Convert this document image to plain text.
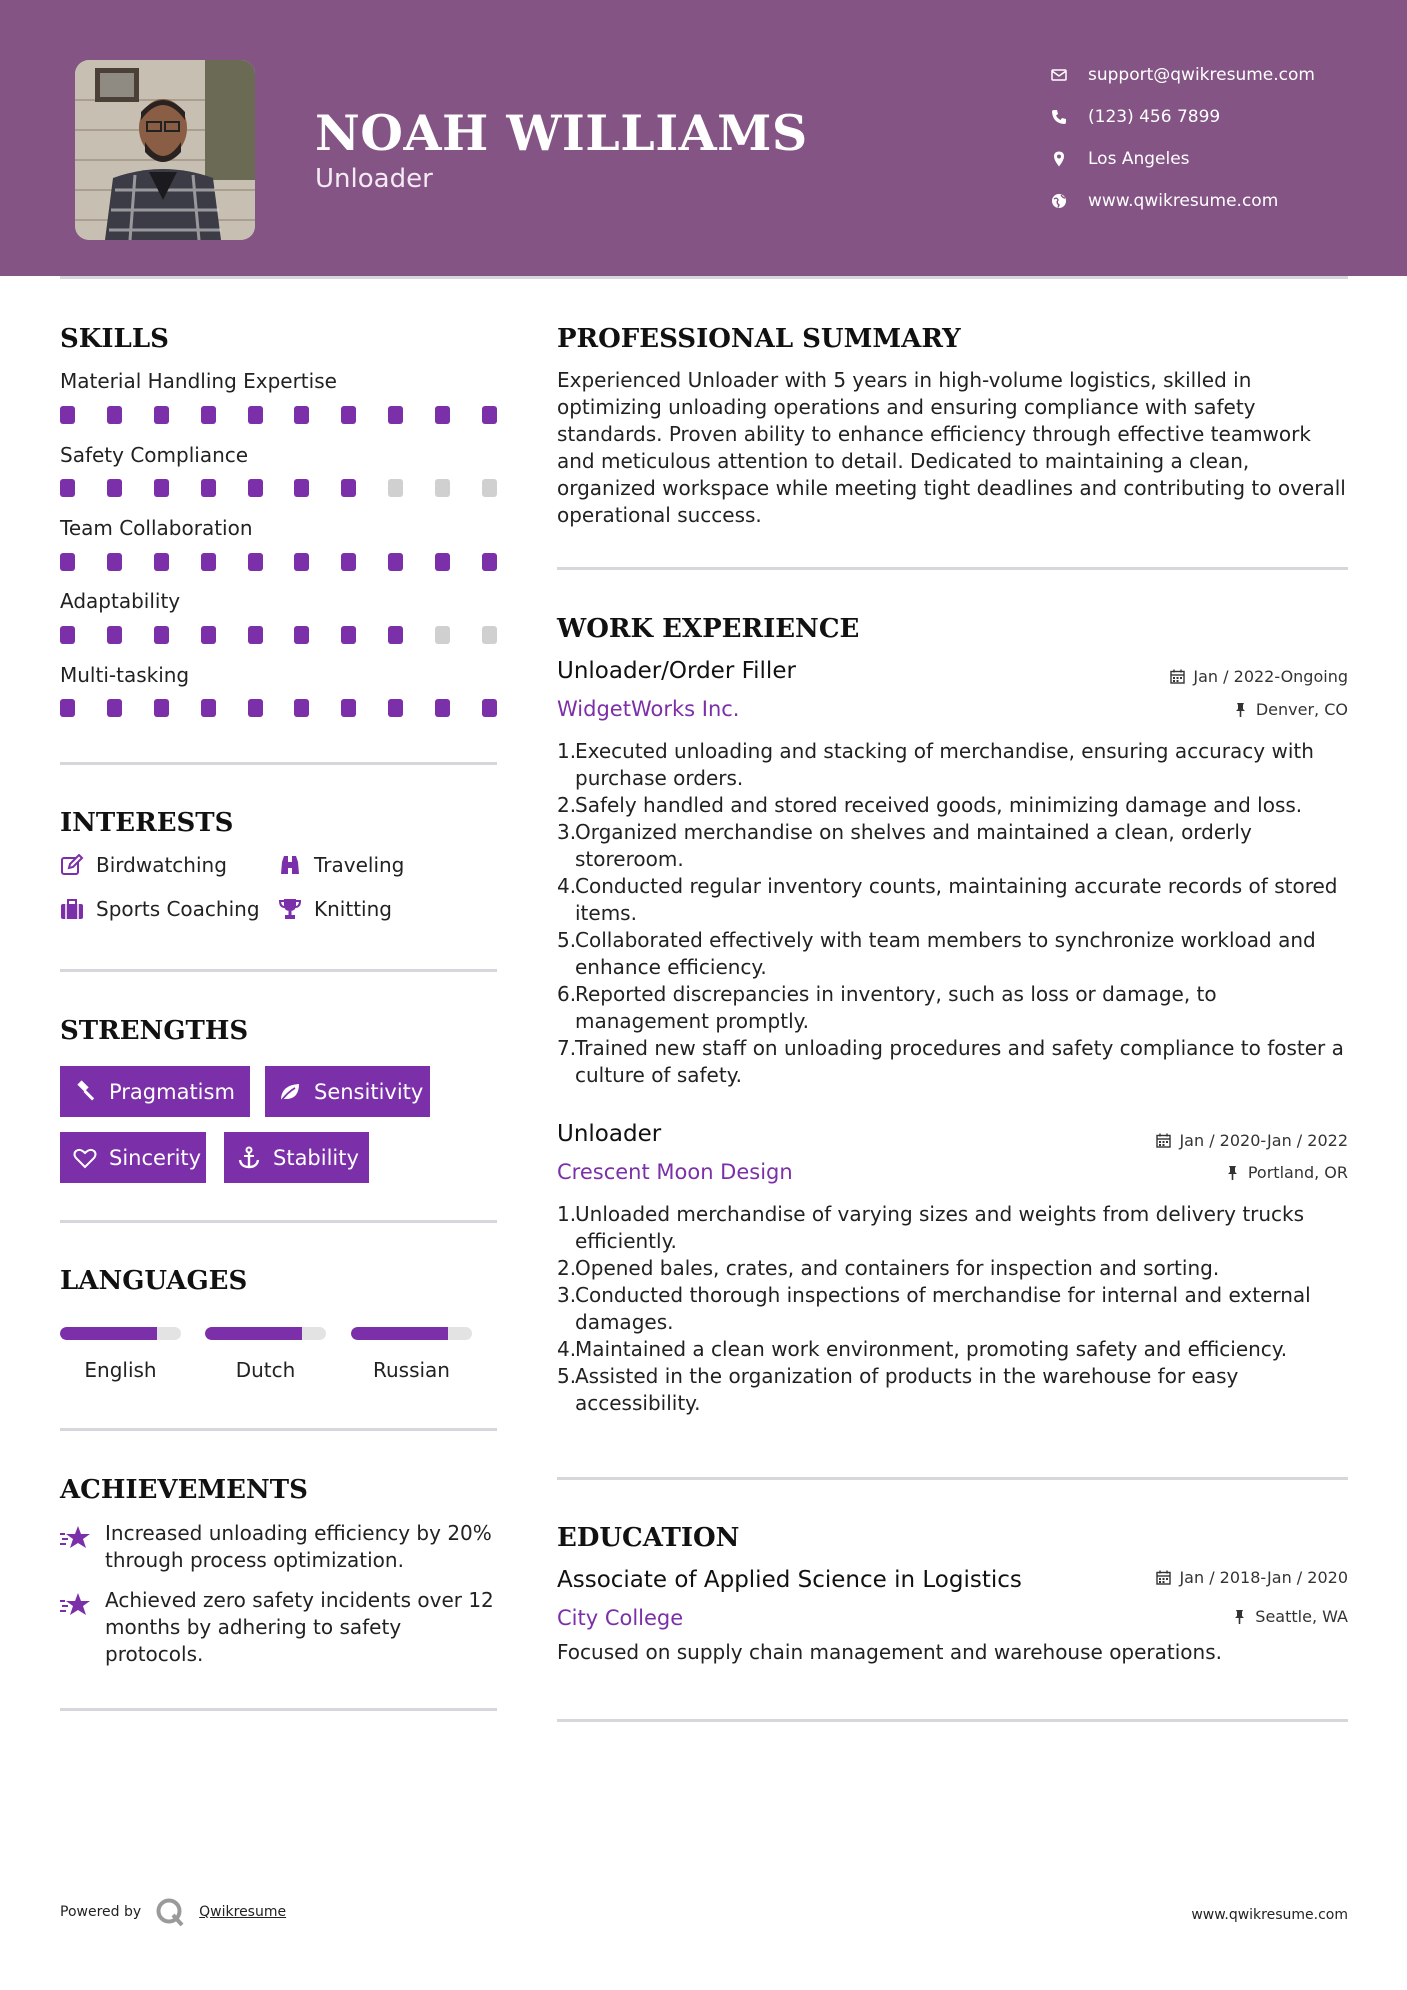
NOAH WILLIAMS
Unloader
support@qwikresume.com
(123) 456 7899
Los Angeles
www.qwikresume.com
SKILLS
Material Handling Expertise
Safety Compliance
Team Collaboration
Adaptability
Multi-tasking
INTERESTS
Birdwatching	Traveling
Sports Coaching	Knitting
STRENGTHS
Pragmatism	Sensitivity
Sincerity	Stability
LANGUAGES
English	Dutch	Russian
ACHIEVEMENTS
Increased unloading efficiency by 20% through process optimization.
Achieved zero safety incidents over 12 months by adhering to safety protocols.
PROFESSIONAL SUMMARY
Experienced Unloader with 5 years in high-volume logistics, skilled in optimizing unloading operations and ensuring compliance with safety standards. Proven ability to enhance efficiency through effective teamwork and meticulous attention to detail. Dedicated to maintaining a clean, organized workspace while meeting tight deadlines and contributing to overall operational success.
WORK EXPERIENCE
Unloader/Order Filler	Jan / 2022-Ongoing
WidgetWorks Inc.	Denver, CO
1.
Executed unloading and stacking of merchandise, ensuring accuracy with purchase orders.
2.
Safely handled and stored received goods, minimizing damage and loss.
3.
Organized merchandise on shelves and maintained a clean, orderly storeroom.
4.
Conducted regular inventory counts, maintaining accurate records of stored items.
5.
Collaborated effectively with team members to synchronize workload and enhance efficiency.
6.
Reported discrepancies in inventory, such as loss or damage, to management promptly.
7.
Trained new staff on unloading procedures and safety compliance to foster a culture of safety.
Unloader	Jan / 2020-Jan / 2022
Crescent Moon Design	Portland, OR
1.
Unloaded merchandise of varying sizes and weights from delivery trucks efficiently.
2.
Opened bales, crates, and containers for inspection and sorting.
3.
Conducted thorough inspections of merchandise for internal and external damages.
4.
Maintained a clean work environment, promoting safety and efficiency.
5.
Assisted in the organization of products in the warehouse for easy accessibility.
EDUCATION
Associate of Applied Science in Logistics	Jan / 2018-Jan / 2020
City College	Seattle, WA
Focused on supply chain management and warehouse operations.
Powered by	Qwikresume	www.qwikresume.com
